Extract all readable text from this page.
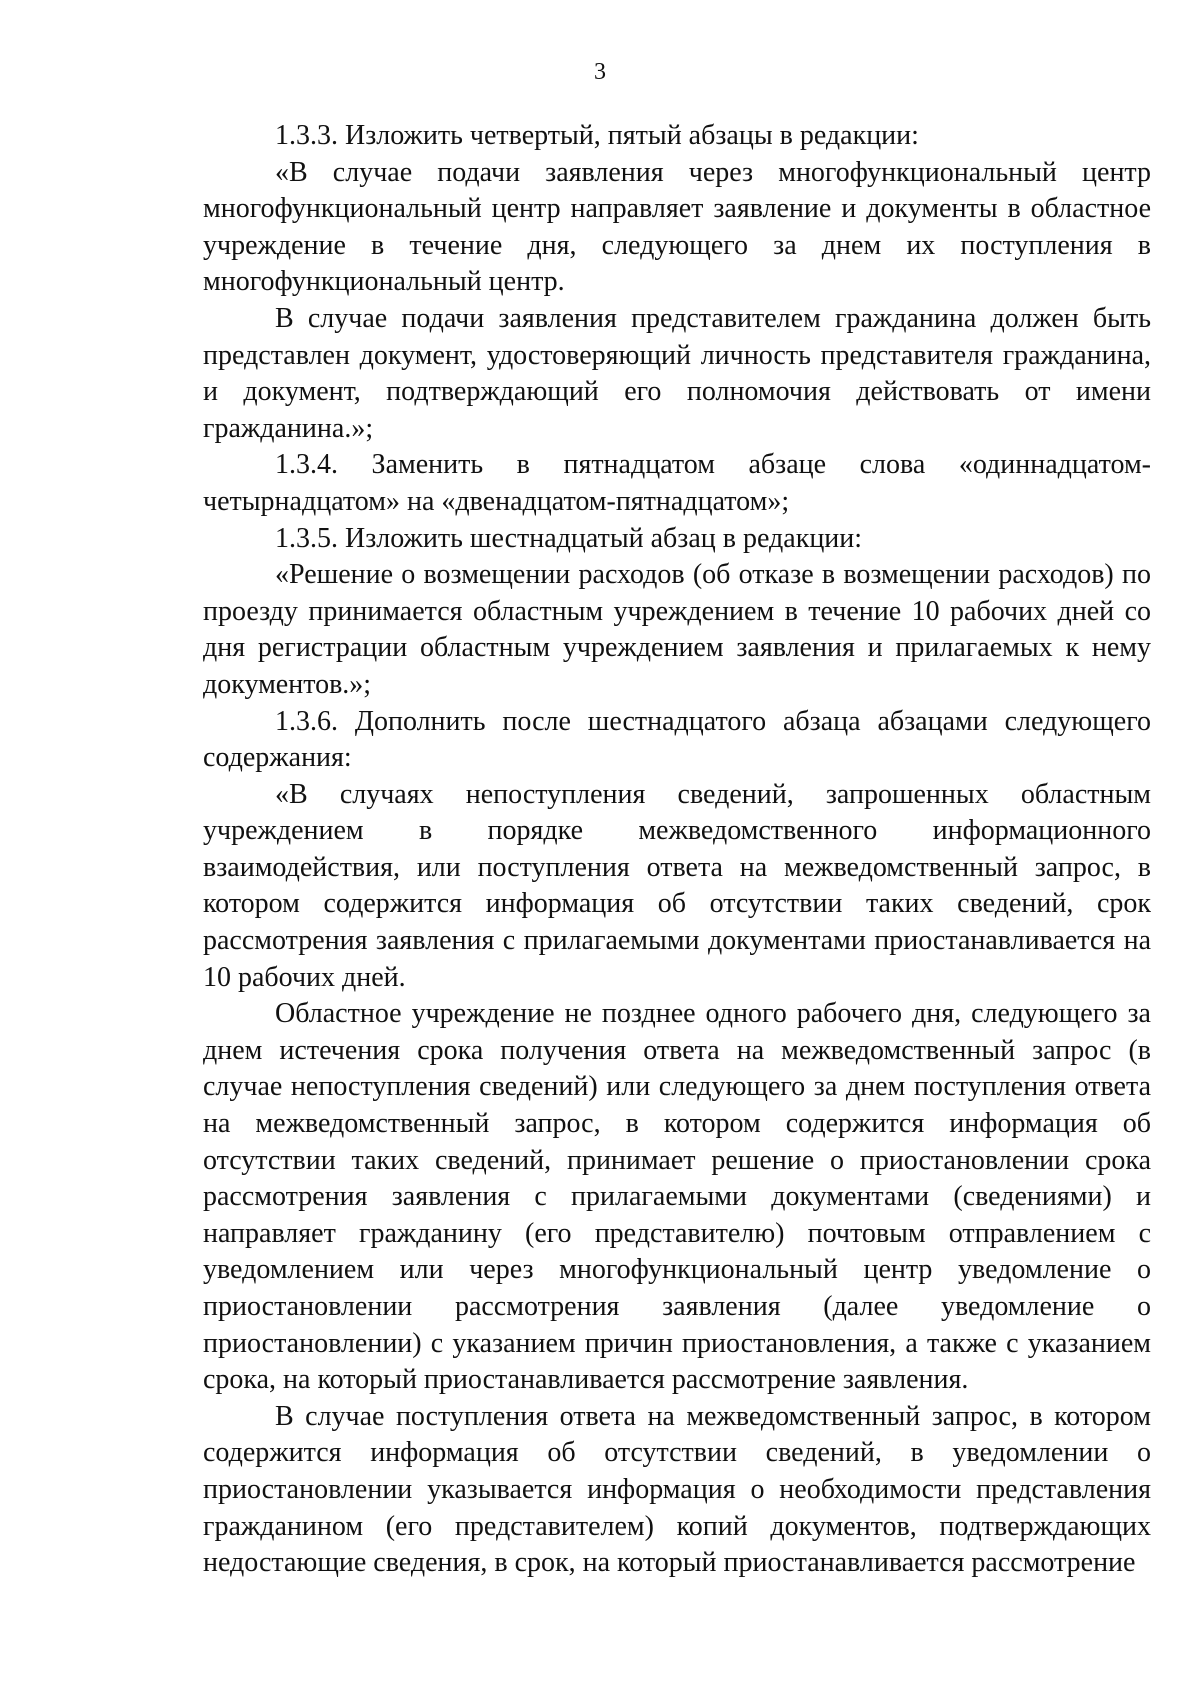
3

1.3.3. Изложить четвертый, пятый абзацы в редакции:

«В случае подачи заявления через многофункциональный центр многофункциональный центр направляет заявление и документы в областное учреждение в течение дня, следующего за днем их поступления в многофункциональный центр.

В случае подачи заявления представителем гражданина должен быть представлен документ, удостоверяющий личность представителя гражданина, и документ, подтверждающий его полномочия действовать от имени гражданина.»;

1.3.4. Заменить в пятнадцатом абзаце слова «одиннадцатом-четырнадцатом» на «двенадцатом-пятнадцатом»;

1.3.5. Изложить шестнадцатый абзац в редакции:

«Решение о возмещении расходов (об отказе в возмещении расходов) по проезду принимается областным учреждением в течение 10 рабочих дней со дня регистрации областным учреждением заявления и прилагаемых к нему документов.»;

1.3.6. Дополнить после шестнадцатого абзаца абзацами следующего содержания:

«В случаях непоступления сведений, запрошенных областным учреждением в порядке межведомственного информационного взаимодействия, или поступления ответа на межведомственный запрос, в котором содержится информация об отсутствии таких сведений, срок рассмотрения заявления с прилагаемыми документами приостанавливается на 10 рабочих дней.

Областное учреждение не позднее одного рабочего дня, следующего за днем истечения срока получения ответа на межведомственный запрос (в случае непоступления сведений) или следующего за днем поступления ответа на межведомственный запрос, в котором содержится информация об отсутствии таких сведений, принимает решение о приостановлении срока рассмотрения заявления с прилагаемыми документами (сведениями) и направляет гражданину (его представителю) почтовым отправлением с уведомлением или через многофункциональный центр уведомление о приостановлении рассмотрения заявления (далее уведомление о приостановлении) с указанием причин приостановления, а также с указанием срока, на который приостанавливается рассмотрение заявления.

В случае поступления ответа на межведомственный запрос, в котором содержится информация об отсутствии сведений, в уведомлении о приостановлении указывается информация о необходимости представления гражданином (его представителем) копий документов, подтверждающих недостающие сведения, в срок, на который приостанавливается рассмотрение
